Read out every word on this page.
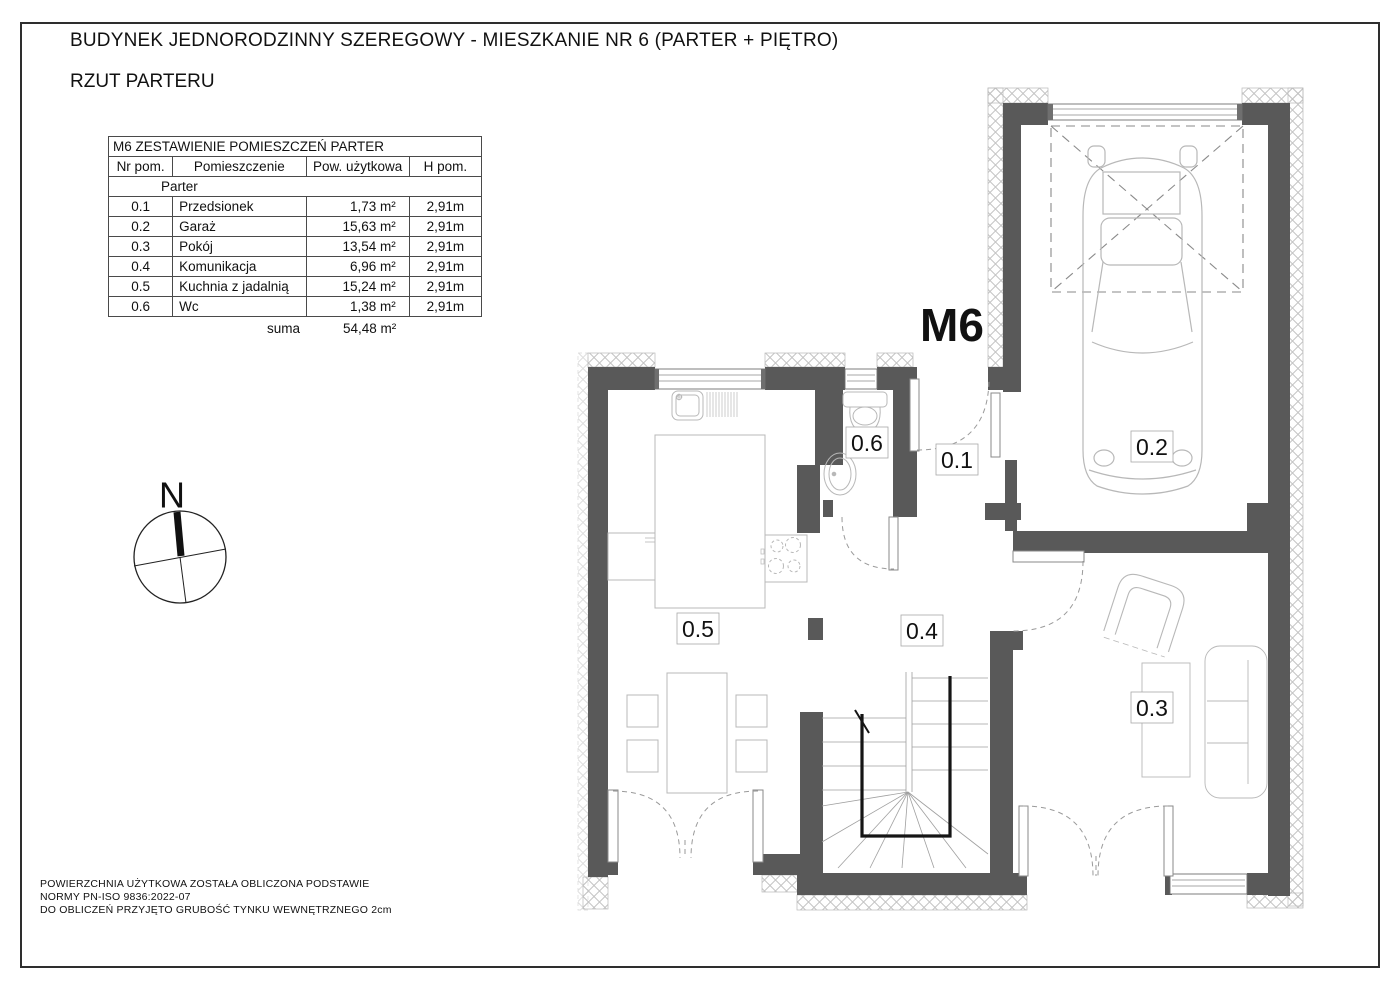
BUDYNEK JEDNORODZINNY SZEREGOWY - MIESZKANIE NR 6 (PARTER + PIĘTRO)
RZUT PARTERU
M6 ZESTAWIENIE POMIESZCZEŃ PARTER			
Nr pom.	Pomieszczenie	Pow. użytkowa	H pom.
Parter			
0.1	Przedsionek	1,73 m²	2,91m
0.2	Garaż	15,63 m²	2,91m
0.3	Pokój	13,54 m²	2,91m
0.4	Komunikacja	6,96 m²	2,91m
0.5	Kuchnia z jadalnią	15,24 m²	2,91m
0.6	Wc	1,38 m²	2,91m
suma		54,48 m²	
POWIERZCHNIA UŻYTKOWA ZOSTAŁA OBLICZONA PODSTAWIE
NORMY PN-ISO 9836:2022-07
DO OBLICZEŃ PRZYJĘTO GRUBOŚĆ TYNKU WEWNĘTRZNEGO 2cm
N
M6
0.5	0.4
0.6
0.1	0.2
0.3
